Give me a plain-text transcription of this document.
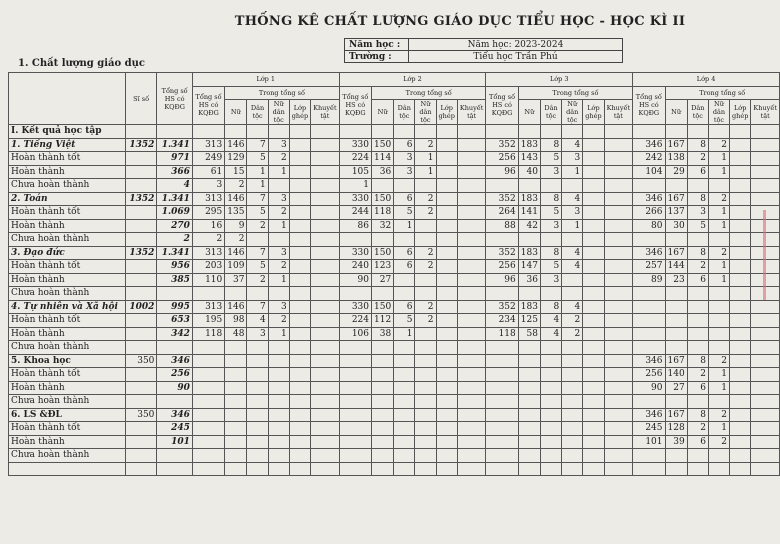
THỐNG KÊ CHẤT LƯỢNG GIÁO DỤC TIỂU HỌC - HỌC KÌ II
Năm học :	Năm học: 2023-2024
Trường :	Tiểu học Trần Phú
1. Chất lượng giáo dục
	Sĩ số	Tổng số HS có KQĐG	Lớp 1						Lớp 2						Lớp 3						Lớp 4					
			Tổng số HS có KQĐG	Trong tổng số					Tổng số HS có KQĐG	Trong tổng số					Tổng số HS có KQĐG	Trong tổng số					Tổng số HS có KQĐG	Trong tổng số				
				Nữ	Dân tộc	Nữ dân tộc	Lớp ghép	Khuyết tật		Nữ	Dân tộc	Nữ dân tộc	Lớp ghép	Khuyết tật		Nữ	Dân tộc	Nữ dân tộc	Lớp ghép	Khuyết tật		Nữ	Dân tộc	Nữ dân tộc	Lớp ghép	Khuyết tật
I. Kết quả học tập																										
1. Tiếng Việt	1352	1.341	313	146	7	3			330	150	6	2			352	183	8	4			346	167	8	2		
Hoàn thành tốt		971	249	129	5	2			224	114	3	1			256	143	5	3			242	138	2	1		
Hoàn thành		366	61	15	1	1			105	36	3	1			96	40	3	1			104	29	6	1		
Chưa hoàn thành		4	3	2	1				1																	
2. Toán	1352	1.341	313	146	7	3			330	150	6	2			352	183	8	4			346	167	8	2		
Hoàn thành tốt		1.069	295	135	5	2			244	118	5	2			264	141	5	3			266	137	3	1		
Hoàn thành		270	16	9	2	1			86	32	1				88	42	3	1			80	30	5	1		
Chưa hoàn thành		2	2	2																						
3. Đạo đức	1352	1.341	313	146	7	3			330	150	6	2			352	183	8	4			346	167	8	2		
Hoàn thành tốt		956	203	109	5	2			240	123	6	2			256	147	5	4			257	144	2	1		
Hoàn thành		385	110	37	2	1			90	27					96	36	3				89	23	6	1		
Chưa hoàn thành																										
4. Tự nhiên và Xã hội	1002	995	313	146	7	3			330	150	6	2			352	183	8	4								
Hoàn thành tốt		653	195	98	4	2			224	112	5	2			234	125	4	2								
Hoàn thành		342	118	48	3	1			106	38	1				118	58	4	2								
Chưa hoàn thành																										
5. Khoa học	350	346																			346	167	8	2		
Hoàn thành tốt		256																			256	140	2	1		
Hoàn thành		90																			90	27	6	1		
Chưa hoàn thành																										
6. LS &ĐL	350	346																			346	167	8	2		
Hoàn thành tốt		245																			245	128	2	1		
Hoàn thành		101																			101	39	6	2		
Chưa hoàn thành																										
